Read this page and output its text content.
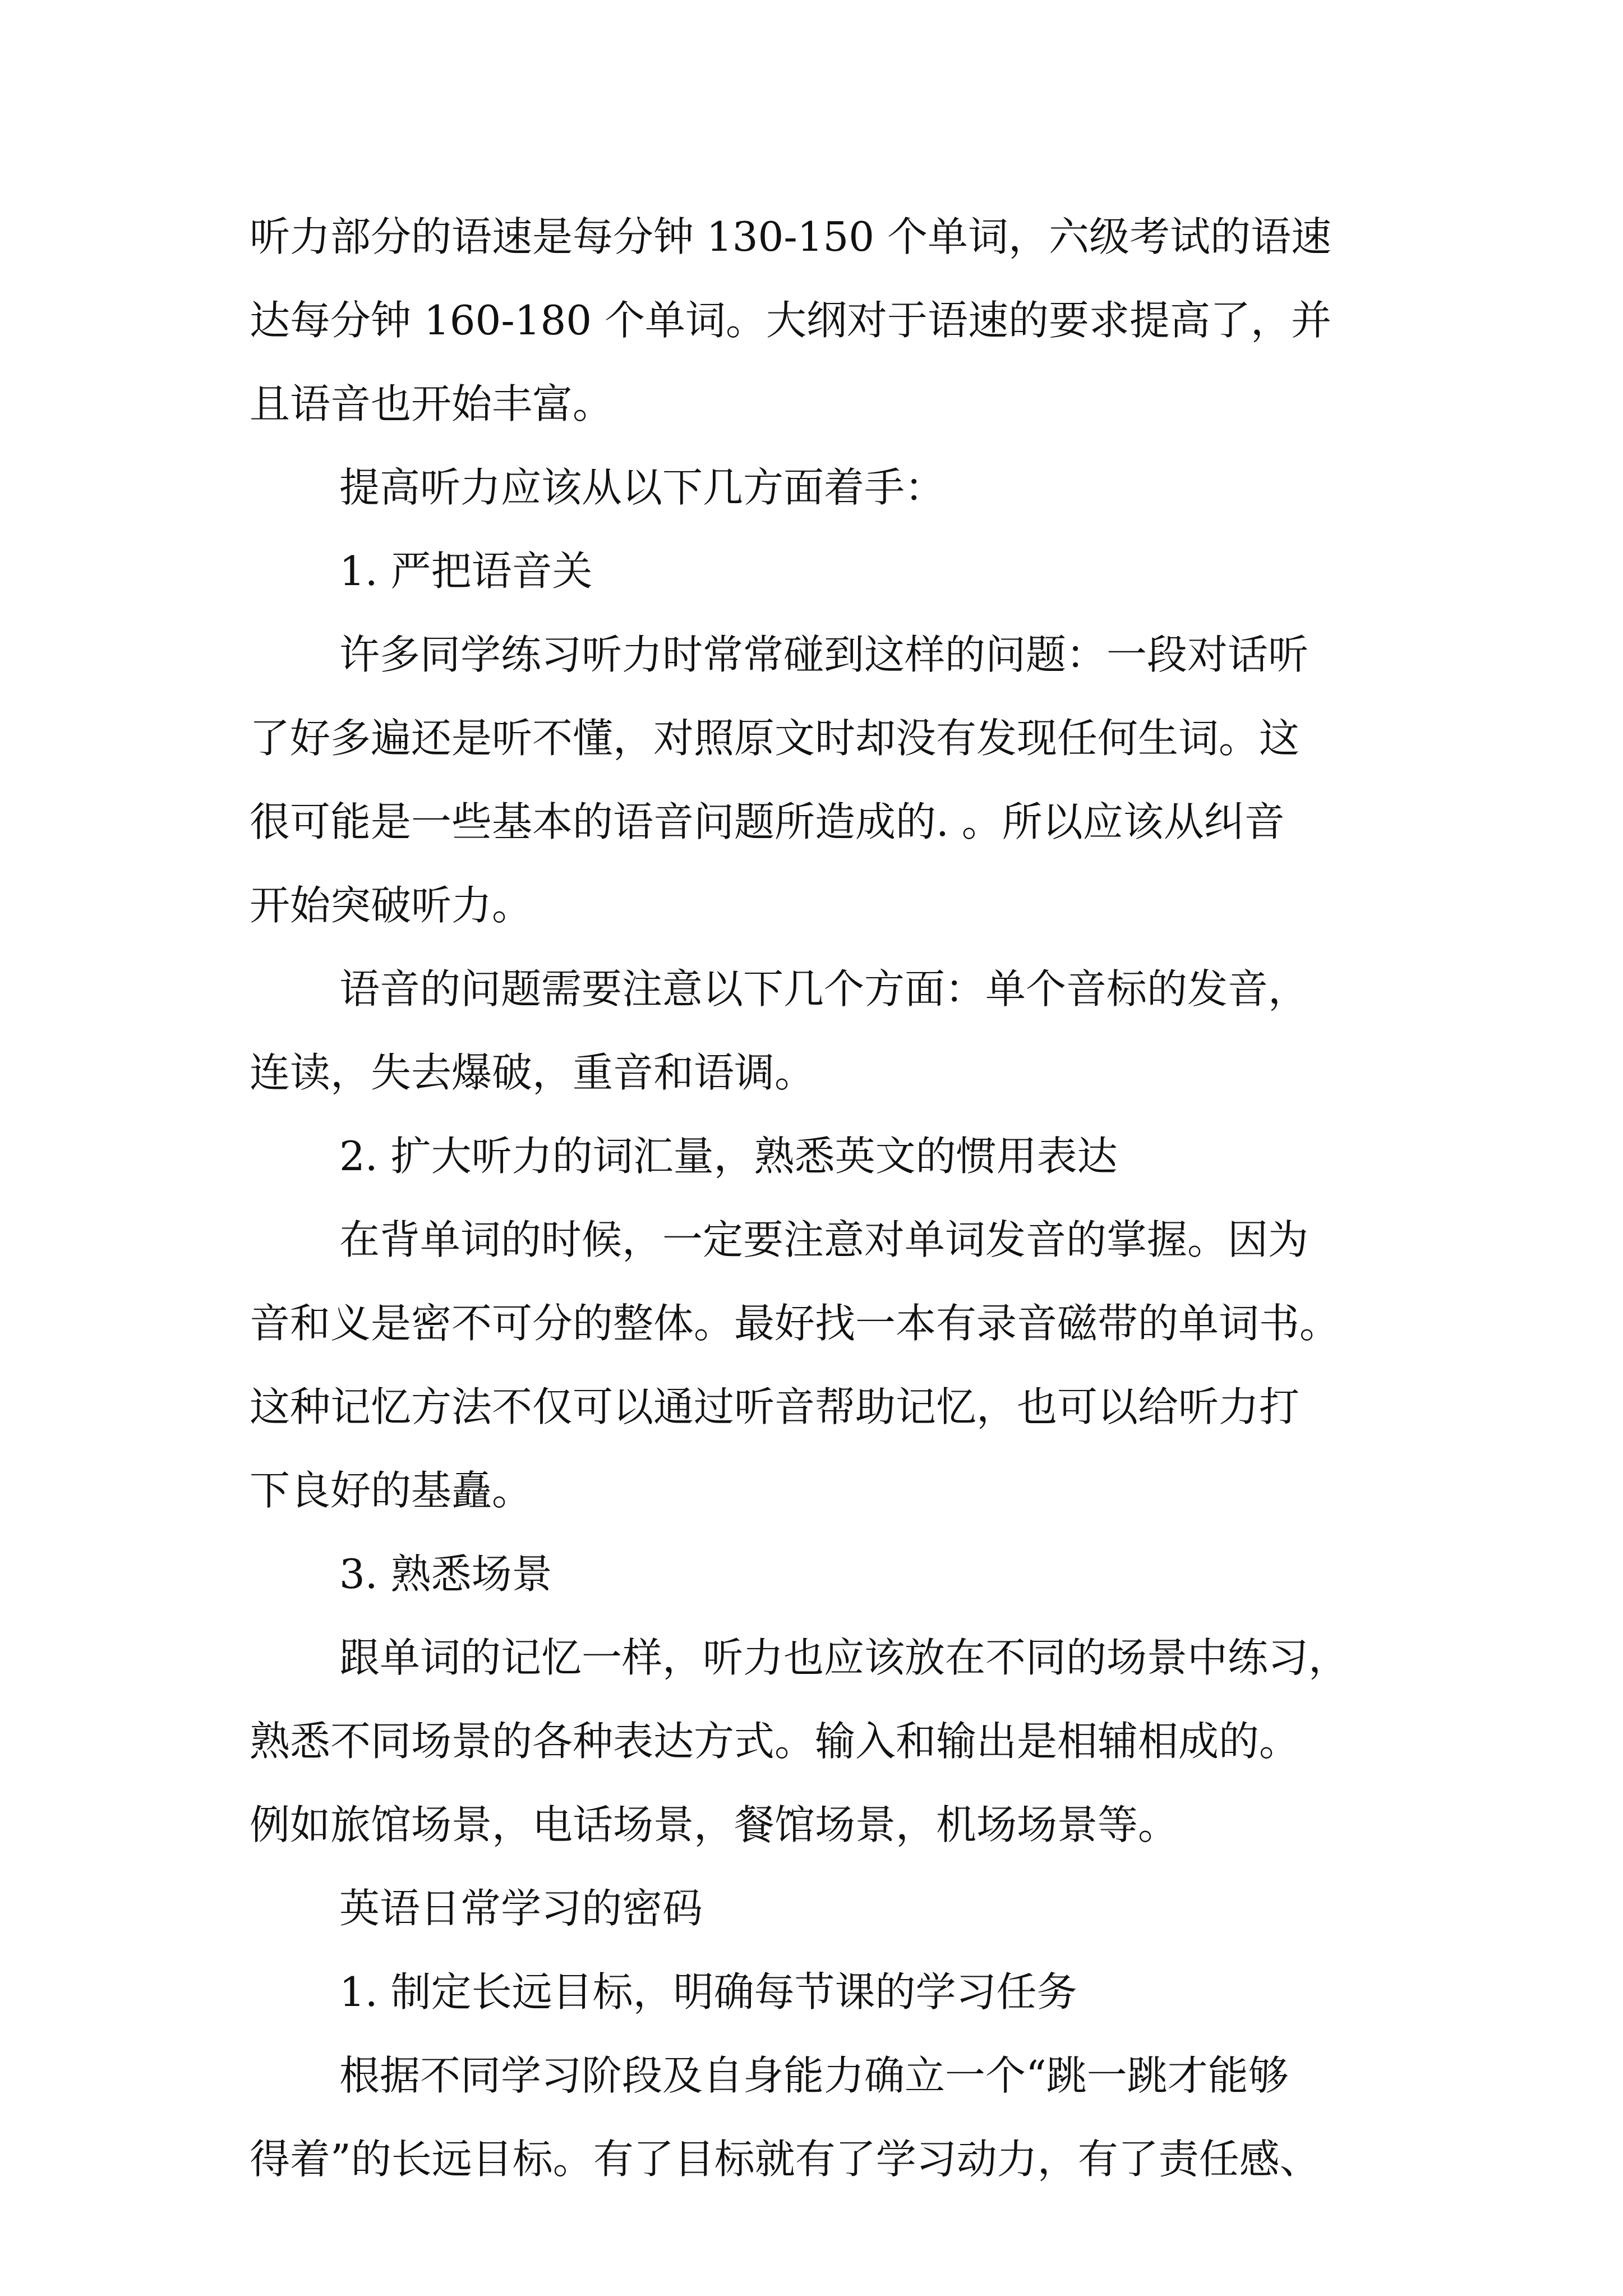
听力部分的语速是每分钟 130-150 个单词，六级考试的语速
达每分钟 160-180 个单词。大纲对于语速的要求提高了，并
且语音也开始丰富。
提高听力应该从以下几方面着手：
1. 严把语音关
许多同学练习听力时常常碰到这样的问题：一段对话听
了好多遍还是听不懂，对照原文时却没有发现任何生词。这
很可能是一些基本的语音问题所造成的. 。所以应该从纠音
开始突破听力。
语音的问题需要注意以下几个方面：单个音标的发音，
连读，失去爆破，重音和语调。
2. 扩大听力的词汇量，熟悉英文的惯用表达
在背单词的时候，一定要注意对单词发音的掌握。因为
音和义是密不可分的整体。最好找一本有录音磁带的单词书。
这种记忆方法不仅可以通过听音帮助记忆，也可以给听力打
下良好的基矗。
3. 熟悉场景
跟单词的记忆一样，听力也应该放在不同的场景中练习，
熟悉不同场景的各种表达方式。输入和输出是相辅相成的。
例如旅馆场景，电话场景，餐馆场景，机场场景等。
英语日常学习的密码
1. 制定长远目标，明确每节课的学习任务
根据不同学习阶段及自身能力确立一个“跳一跳才能够
得着”的长远目标。有了目标就有了学习动力，有了责任感、
